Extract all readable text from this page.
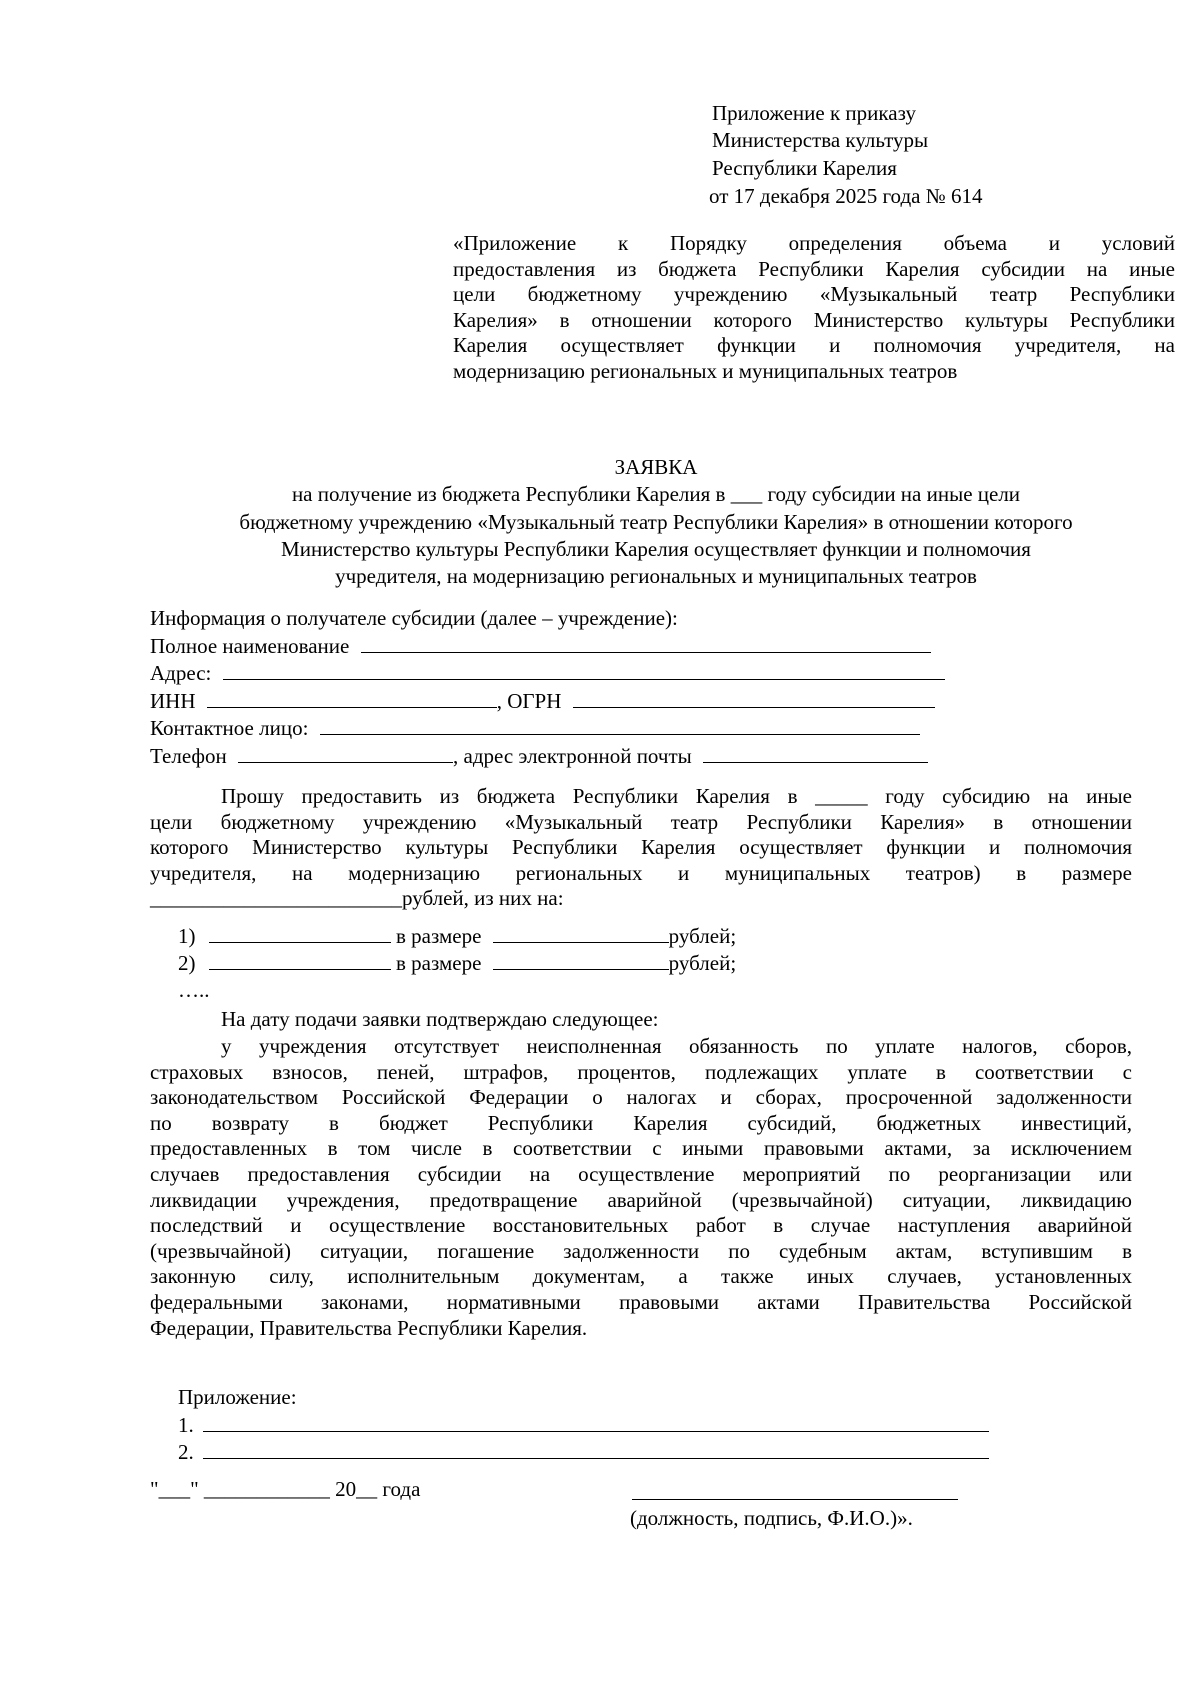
Приложение к приказу
Министерства культуры
Республики Карелия
от 17 декабря 2025 года № 614
«Приложение к Порядку определения объема и условий
предоставления из бюджета Республики Карелия субсидии на иные
цели бюджетному учреждению «Музыкальный театр Республики
Карелия» в отношении которого Министерство культуры Республики
Карелия осуществляет функции и полномочия учредителя, на
модернизацию региональных и муниципальных театров
ЗАЯВКА
на получение из бюджета Республики Карелия в ___ году субсидии на иные цели
бюджетному учреждению «Музыкальный театр Республики Карелия» в отношении которого
Министерство культуры Республики Карелия осуществляет функции и полномочия
учредителя, на модернизацию региональных и муниципальных театров
Информация о получателе субсидии (далее – учреждение):
Полное наименование
Адрес:
ИНН	, ОГРН
Контактное лицо:
Телефон	, адрес электронной почты
Прошу предоставить из бюджета Республики Карелия в _____ году субсидию на иные
цели бюджетному учреждению «Музыкальный театр Республики Карелия» в отношении
которого Министерство культуры Республики Карелия осуществляет функции и полномочия
учредителя, на модернизацию региональных и муниципальных театров) в размере
________________________рублей, из них на:
1)	в размере	рублей;
2)	в размере	рублей;
…..
На дату подачи заявки подтверждаю следующее:
у учреждения отсутствует неисполненная обязанность по уплате налогов, сборов,
страховых взносов, пеней, штрафов, процентов, подлежащих уплате в соответствии с
законодательством Российской Федерации о налогах и сборах, просроченной задолженности
по возврату в бюджет Республики Карелия субсидий, бюджетных инвестиций,
предоставленных в том числе в соответствии с иными правовыми актами, за исключением
случаев предоставления субсидии на осуществление мероприятий по реорганизации или
ликвидации учреждения, предотвращение аварийной (чрезвычайной) ситуации, ликвидацию
последствий и осуществление восстановительных работ в случае наступления аварийной
(чрезвычайной) ситуации, погашение задолженности по судебным актам, вступившим в
законную силу, исполнительным документам, а также иных случаев, установленных
федеральными законами, нормативными правовыми актами Правительства Российской
Федерации, Правительства Республики Карелия.
Приложение:
1.
2.
"___" ____________ 20__ года
(должность, подпись, Ф.И.О.)».
